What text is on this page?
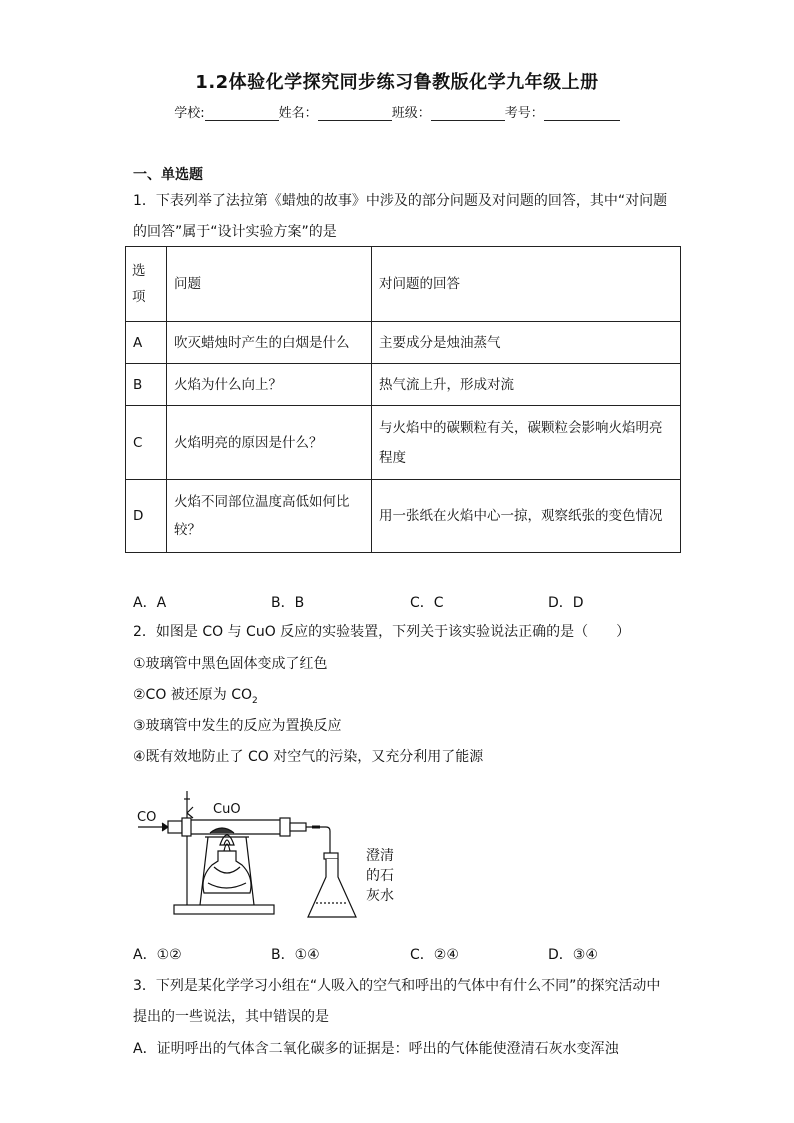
1.2体验化学探究同步练习鲁教版化学九年级上册
学校:	姓名：	班级：	考号：
一、单选题
1．下表列举了法拉第《蜡烛的故事》中涉及的部分问题及对问题的回答，其中“对问题
的回答”属于“设计实验方案”的是
选项	问题	对问题的回答
A	吹灭蜡烛时产生的白烟是什么	主要成分是烛油蒸气
B	火焰为什么向上？	热气流上升，形成对流
C	火焰明亮的原因是什么？	与火焰中的碳颗粒有关，碳颗粒会影响火焰明亮程度
D	火焰不同部位温度高低如何比较？	用一张纸在火焰中心一掠，观察纸张的变色情况
A．A	B．B	C．C	D．D
2．如图是 CO 与 CuO 反应的实验装置，下列关于该实验说法正确的是（　　）
①玻璃管中黑色固体变成了红色
②CO 被还原为 $CO_2$
③玻璃管中发生的反应为置换反应
④既有效地防止了 CO 对空气的污染，又充分利用了能源
CO
CuO
澄清
的石
灰水
A．①②	B．①④	C．②④	D．③④
3．下列是某化学学习小组在“人吸入的空气和呼出的气体中有什么不同”的探究活动中
提出的一些说法，其中错误的是
A．证明呼出的气体含二氧化碳多的证据是：呼出的气体能使澄清石灰水变浑浊
